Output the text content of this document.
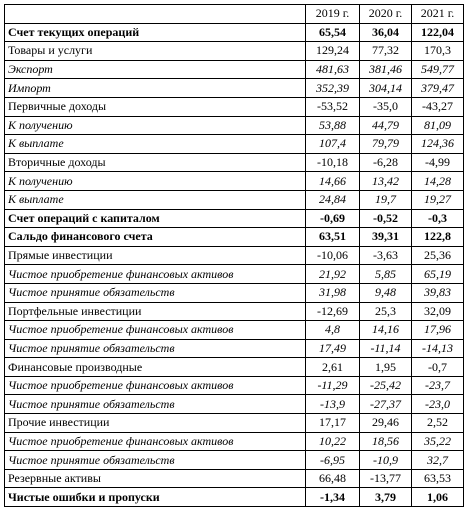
	2019 г.	2020 г.	2021 г.
Счет текущих операций	65,54	36,04	122,04
Товары и услуги	129,24	77,32	170,3
Экспорт	481,63	381,46	549,77
Импорт	352,39	304,14	379,47
Первичные доходы	-53,52	-35,0	-43,27
К получению	53,88	44,79	81,09
К выплате	107,4	79,79	124,36
Вторичные доходы	-10,18	-6,28	-4,99
К получению	14,66	13,42	14,28
К выплате	24,84	19,7	19,27
Счет операций с капиталом	-0,69	-0,52	-0,3
Сальдо финансового счета	63,51	39,31	122,8
Прямые инвестиции	-10,06	-3,63	25,36
Чистое приобретение финансовых активов	21,92	5,85	65,19
Чистое принятие обязательств	31,98	9,48	39,83
Портфельные инвестиции	-12,69	25,3	32,09
Чистое приобретение финансовых активов	4,8	14,16	17,96
Чистое принятие обязательств	17,49	-11,14	-14,13
Финансовые производные	2,61	1,95	-0,7
Чистое приобретение финансовых активов	-11,29	-25,42	-23,7
Чистое принятие обязательств	-13,9	-27,37	-23,0
Прочие инвестиции	17,17	29,46	2,52
Чистое приобретение финансовых активов	10,22	18,56	35,22
Чистое принятие обязательств	-6,95	-10,9	32,7
Резервные активы	66,48	-13,77	63,53
Чистые ошибки и пропуски	-1,34	3,79	1,06
